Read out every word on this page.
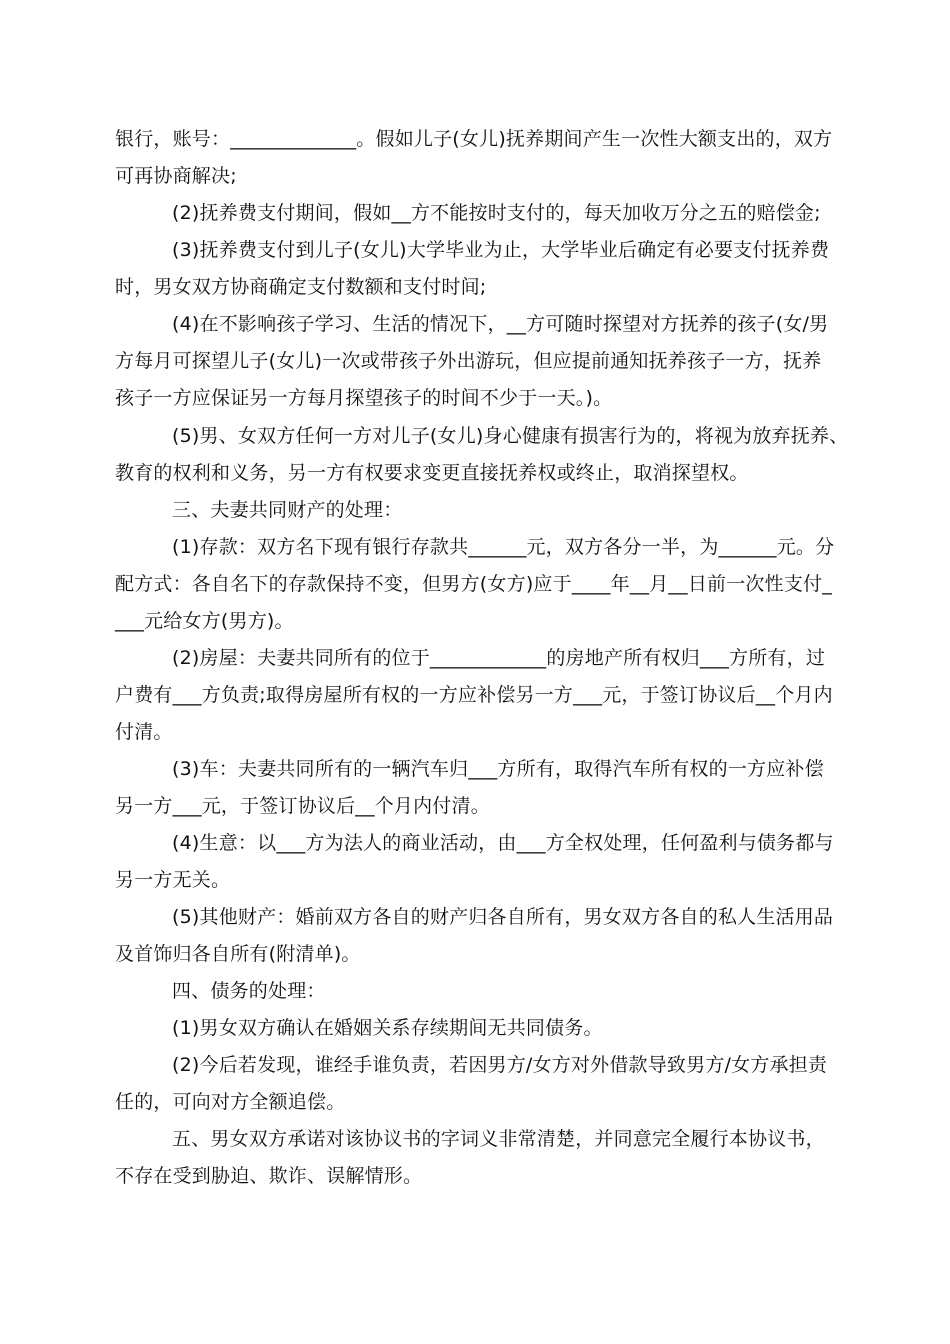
银行，账号：_____________。假如儿子(女儿)抚养期间产生一次性大额支出的，双方
可再协商解决;
(2)抚养费支付期间，假如__方不能按时支付的，每天加收万分之五的赔偿金;
(3)抚养费支付到儿子(女儿)大学毕业为止，大学毕业后确定有必要支付抚养费
时，男女双方协商确定支付数额和支付时间;
(4)在不影响孩子学习、生活的情况下，__方可随时探望对方抚养的孩子(女/男
方每月可探望儿子(女儿)一次或带孩子外出游玩，但应提前通知抚养孩子一方，抚养
孩子一方应保证另一方每月探望孩子的时间不少于一天。)。
(5)男、女双方任何一方对儿子(女儿)身心健康有损害行为的，将视为放弃抚养、
教育的权利和义务，另一方有权要求变更直接抚养权或终止，取消探望权。
三、夫妻共同财产的处理：
(1)存款：双方名下现有银行存款共______元，双方各分一半，为______元。分
配方式：各自名下的存款保持不变，但男方(女方)应于____年__月__日前一次性支付_
___元给女方(男方)。
(2)房屋：夫妻共同所有的位于____________的房地产所有权归___方所有，过
户费有___方负责;取得房屋所有权的一方应补偿另一方___元，于签订协议后__个月内
付清。
(3)车：夫妻共同所有的一辆汽车归___方所有，取得汽车所有权的一方应补偿
另一方___元，于签订协议后__个月内付清。
(4)生意：以___方为法人的商业活动，由___方全权处理，任何盈利与债务都与
另一方无关。
(5)其他财产：婚前双方各自的财产归各自所有，男女双方各自的私人生活用品
及首饰归各自所有(附清单)。
四、债务的处理：
(1)男女双方确认在婚姻关系存续期间无共同债务。
(2)今后若发现，谁经手谁负责，若因男方/女方对外借款导致男方/女方承担责
任的，可向对方全额追偿。
五、男女双方承诺对该协议书的字词义非常清楚，并同意完全履行本协议书，
不存在受到胁迫、欺诈、误解情形。
